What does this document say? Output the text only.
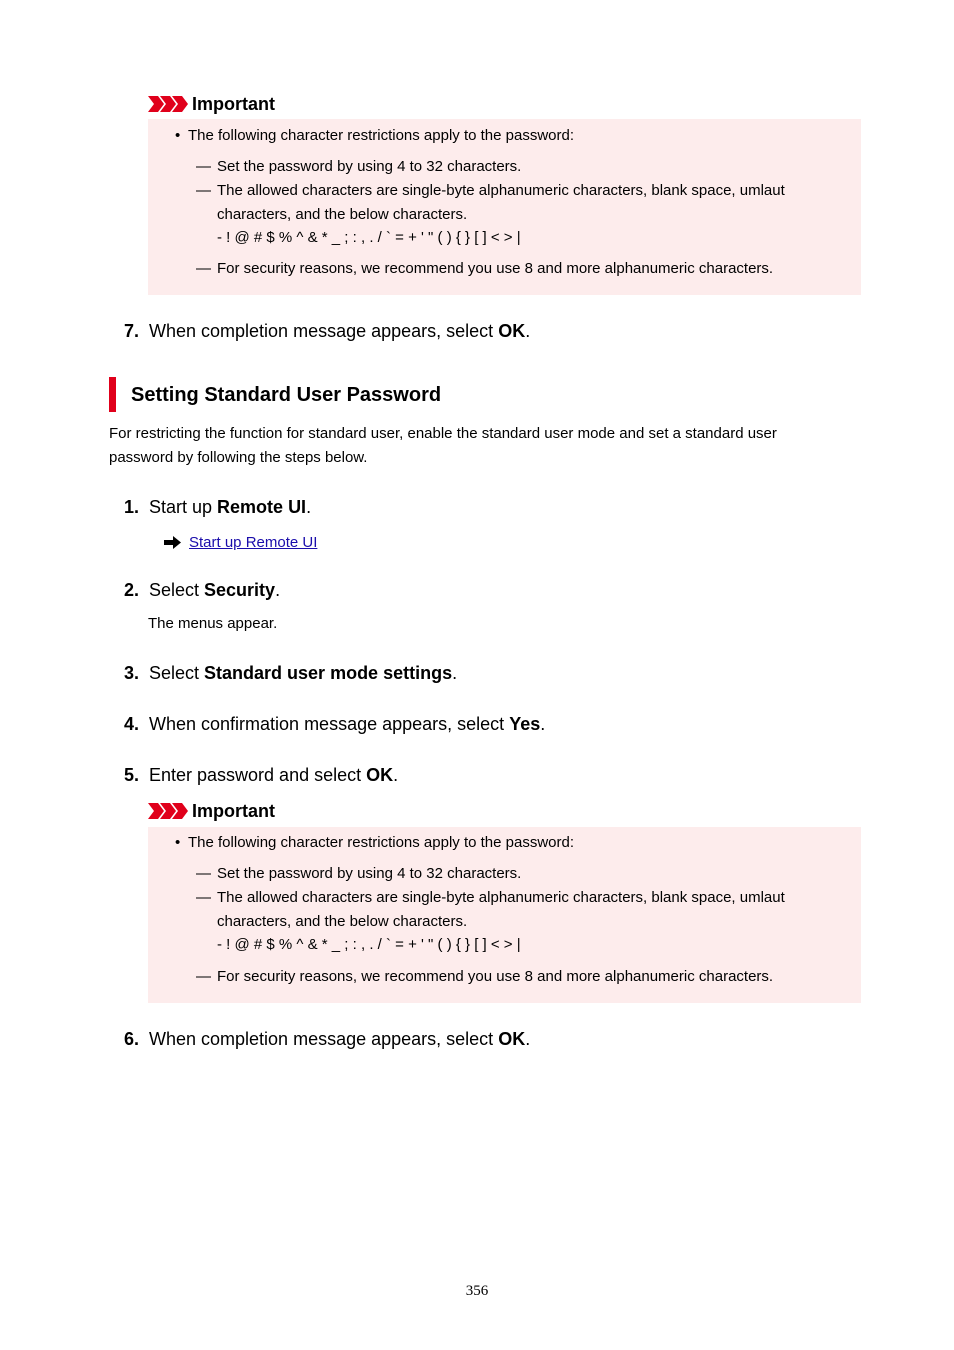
Important
• The following character restrictions apply to the password:
— Set the password by using 4 to 32 characters.
— The allowed characters are single-byte alphanumeric characters, blank space, umlaut
characters, and the below characters.
- ! @ # $ % ^ & * _ ; : , . / ` = + ' " ( ) { } [ ] < > |
— For security reasons, we recommend you use 8 and more alphanumeric characters.
7. When completion message appears, select OK.
Setting Standard User Password
For restricting the function for standard user, enable the standard user mode and set a standard user
password by following the steps below.
1. Start up Remote UI.
Start up Remote UI
2. Select Security.
The menus appear.
3. Select Standard user mode settings.
4. When confirmation message appears, select Yes.
5. Enter password and select OK.
Important
• The following character restrictions apply to the password:
— Set the password by using 4 to 32 characters.
— The allowed characters are single-byte alphanumeric characters, blank space, umlaut
characters, and the below characters.
- ! @ # $ % ^ & * _ ; : , . / ` = + ' " ( ) { } [ ] < > |
— For security reasons, we recommend you use 8 and more alphanumeric characters.
6. When completion message appears, select OK.
356
